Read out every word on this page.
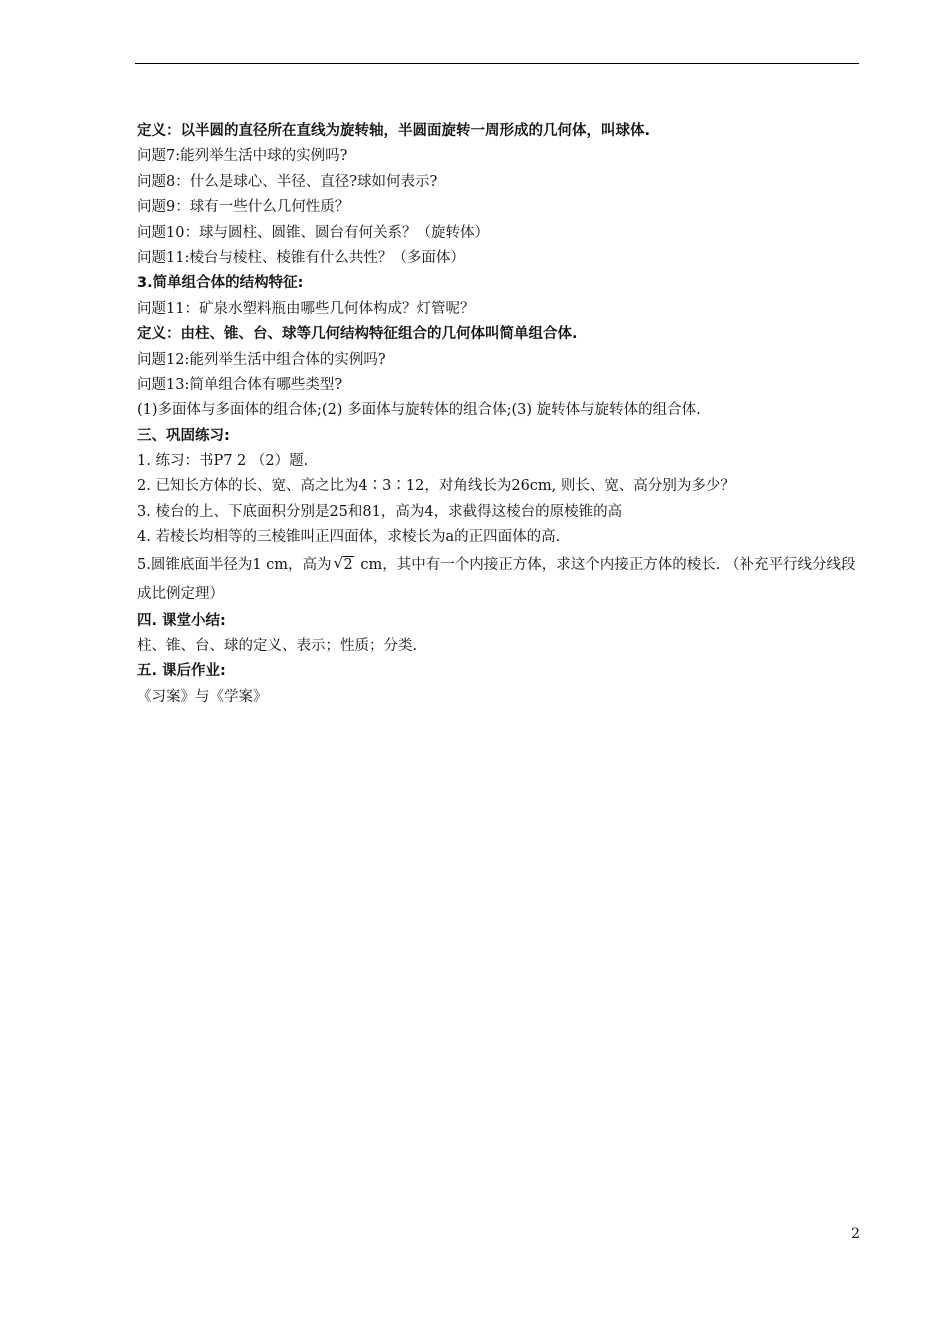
定义：以半圆的直径所在直线为旋转轴，半圆面旋转一周形成的几何体，叫球体.
问题7:能列举生活中球的实例吗?
问题8：什么是球心、半径、直径?球如何表示?
问题9：球有一些什么几何性质？
问题10：球与圆柱、圆锥、圆台有何关系？（旋转体）
问题11:棱台与棱柱、棱锥有什么共性？（多面体）
3.简单组合体的结构特征:
问题11：矿泉水塑料瓶由哪些几何体构成？灯管呢？
定义：由柱、锥、台、球等几何结构特征组合的几何体叫简单组合体.
问题12:能列举生活中组合体的实例吗?
问题13:简单组合体有哪些类型?
(1)多面体与多面体的组合体;(2) 多面体与旋转体的组合体;(3) 旋转体与旋转体的组合体.
三、巩固练习:
1. 练习：书P7 2 （2）题.
2. 已知长方体的长、宽、高之比为4∶3∶12，对角线长为26cm, 则长、宽、高分别为多少？
3. 棱台的上、下底面积分别是25和81，高为4，求截得这棱台的原棱锥的高
4. 若棱长均相等的三棱锥叫正四面体，求棱长为a的正四面体的高.
5.圆锥底面半径为1 cm，高为 √ 2 cm，其中有一个内接正方体，求这个内接正方体的棱长. （补充平行线分线段成比例定理）
四. 课堂小结:
柱、锥、台、球的定义、表示；性质；分类.
五. 课后作业:
《习案》与《学案》
2
